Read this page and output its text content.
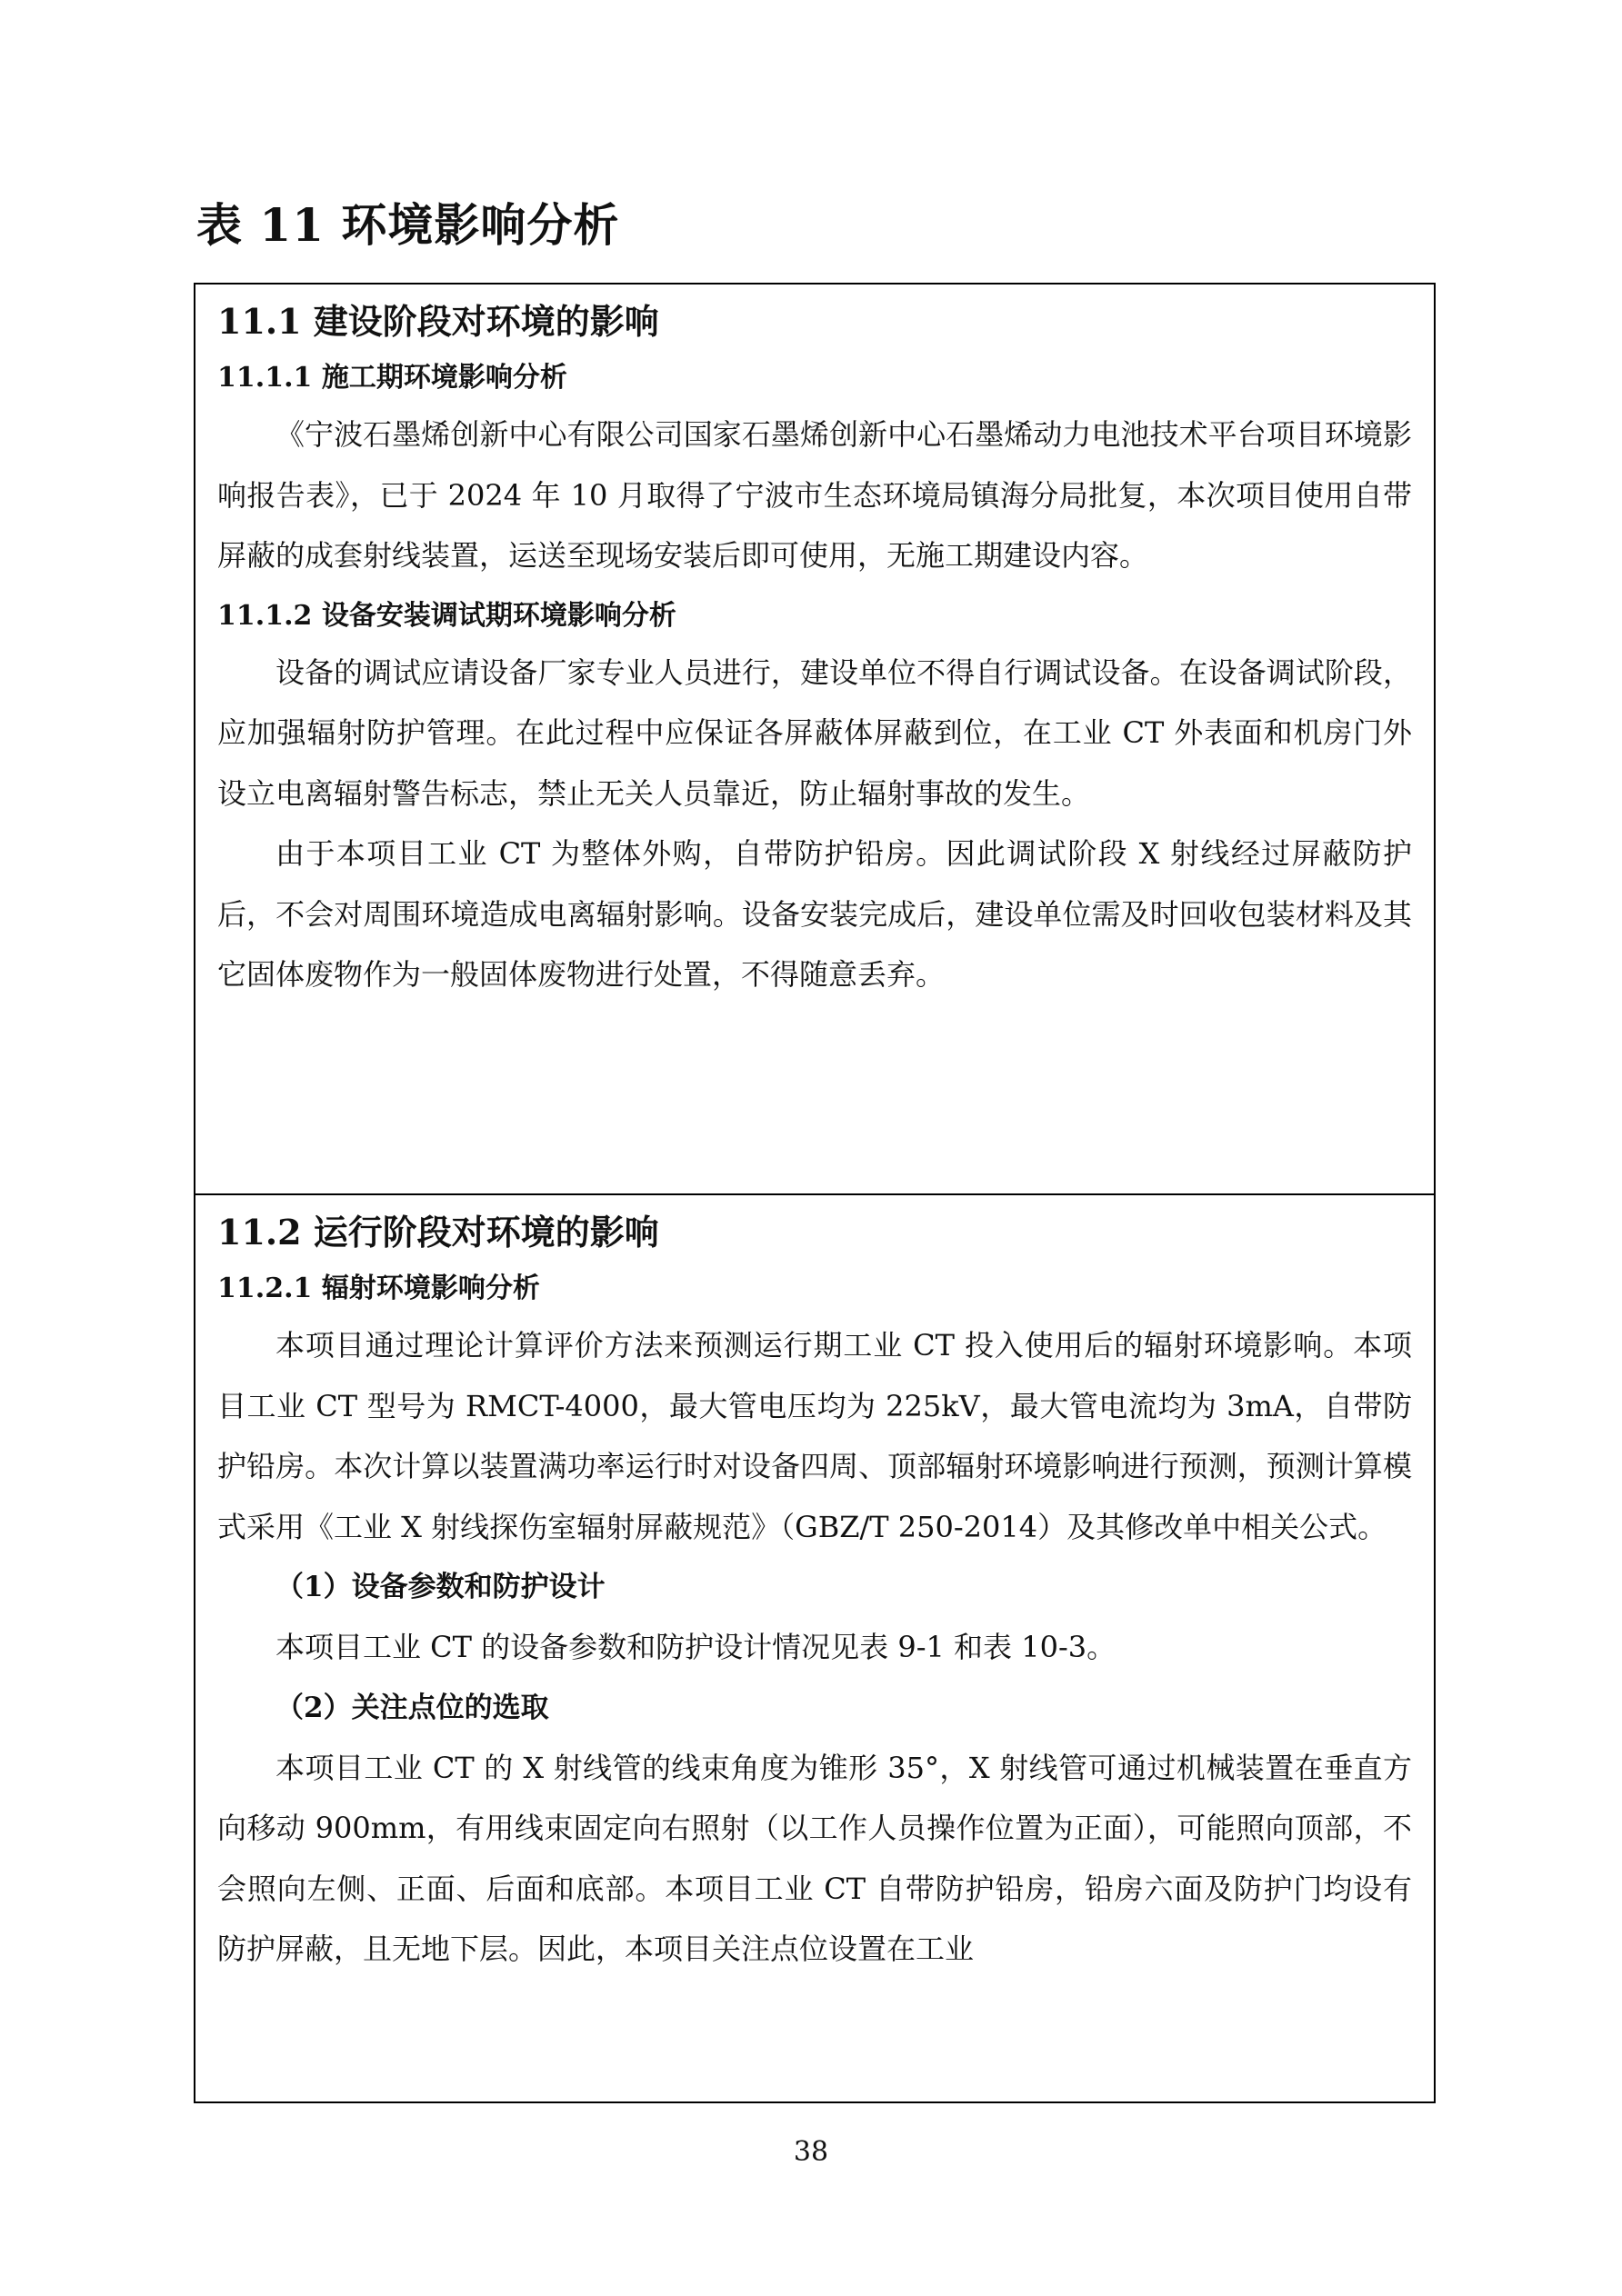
表 11 环境影响分析
11.1 建设阶段对环境的影响
11.1.1 施工期环境影响分析

《宁波石墨烯创新中心有限公司国家石墨烯创新中心石墨烯动力电池技术平台项目环境影响报告表》，已于 2024 年 10 月取得了宁波市生态环境局镇海分局批复，本次项目使用自带屏蔽的成套射线装置，运送至现场安装后即可使用，无施工期建设内容。

11.1.2 设备安装调试期环境影响分析

设备的调试应请设备厂家专业人员进行，建设单位不得自行调试设备。在设备调试阶段，应加强辐射防护管理。在此过程中应保证各屏蔽体屏蔽到位，在工业 CT 外表面和机房门外设立电离辐射警告标志，禁止无关人员靠近，防止辐射事故的发生。

由于本项目工业 CT 为整体外购，自带防护铅房。因此调试阶段 X 射线经过屏蔽防护后，不会对周围环境造成电离辐射影响。设备安装完成后，建设单位需及时回收包装材料及其它固体废物作为一般固体废物进行处置，不得随意丢弃。

11.2 运行阶段对环境的影响
11.2.1 辐射环境影响分析

本项目通过理论计算评价方法来预测运行期工业 CT 投入使用后的辐射环境影响。本项目工业 CT 型号为 RMCT-4000，最大管电压均为 225kV，最大管电流均为 3mA，自带防护铅房。本次计算以装置满功率运行时对设备四周、顶部辐射环境影响进行预测，预测计算模式采用《工业 X 射线探伤室辐射屏蔽规范》（GBZ/T 250-2014）及其修改单中相关公式。

（1）设备参数和防护设计

本项目工业 CT 的设备参数和防护设计情况见表 9-1 和表 10-3。

（2）关注点位的选取

本项目工业 CT 的 X 射线管的线束角度为锥形 35°，X 射线管可通过机械装置在垂直方向移动 900mm，有用线束固定向右照射（以工作人员操作位置为正面），可能照向顶部，不会照向左侧、正面、后面和底部。本项目工业 CT 自带防护铅房，铅房六面及防护门均设有防护屏蔽，且无地下层。因此，本项目关注点位设置在工业

38
